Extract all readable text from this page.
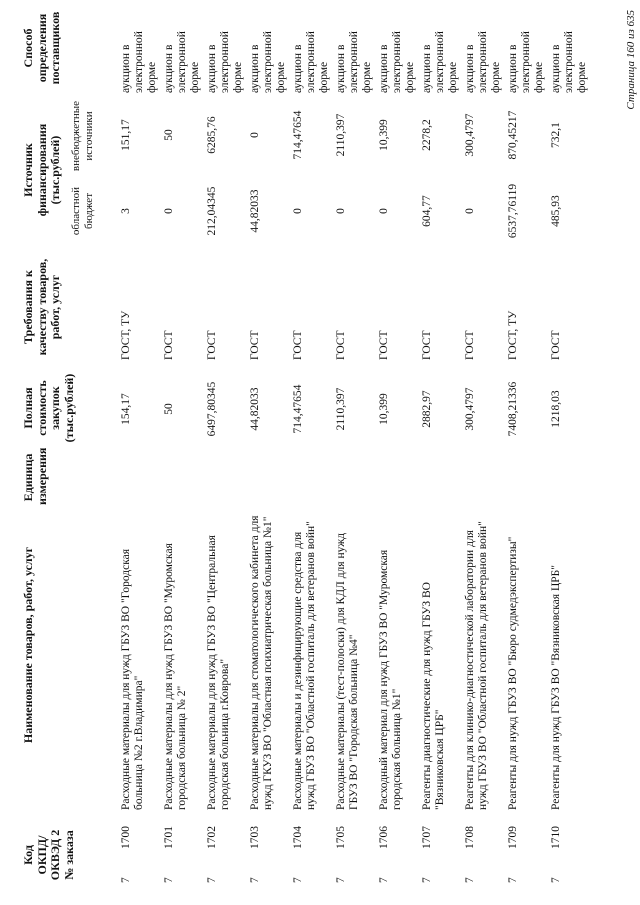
Код ОКПД/ ОКВЭД 2 № заказа
Наименование товаров, работ, услуг
Единица измерения
Полная стоимость закупок (тыс.рублей)
Требования к качеству товаров, работ, услуг
Источник финансирования (тыс.рублей)
областной бюджет
внебюджетные источники
Способ определения поставщиков
7
1700
Расходные материалы для нужд ГБУЗ ВО "Городская больница №2 г.Владимира"
154,17
ГОСТ, ТУ
3
151,17
аукцион в электронной форме
7
1701
Расходные материалы для нужд ГБУЗ ВО "Муромская городская больница № 2"
50
ГОСТ
0
50
аукцион в электронной форме
7
1702
Расходные материалы для нужд ГБУЗ ВО "Центральная городская больница г.Коврова"
6497,80345
ГОСТ
212,04345
6285,76
аукцион в электронной форме
7
1703
Расходные материалы для стоматологического кабинета для нужд ГКУЗ ВО "Областная психиатрическая больница №1"
44,82033
ГОСТ
44,82033
0
аукцион в электронной форме
7
1704
Расходные материалы и дезинфицирующие средства для нужд ГБУЗ ВО "Областной госпиталь для ветеранов войн"
714,47654
ГОСТ
0
714,47654
аукцион в электронной форме
7
1705
Расходные материалы (тест-полоски) для КДЛ для нужд ГБУЗ ВО "Городская больница №4"
2110,397
ГОСТ
0
2110,397
аукцион в электронной форме
7
1706
Расходный материал для нужд ГБУЗ ВО "Муромская городская больница №1"
10,399
ГОСТ
0
10,399
аукцион в электронной форме
7
1707
Реагенты диагностические для нужд ГБУЗ ВО "Вязниковская ЦРБ"
2882,97
ГОСТ
604,77
2278,2
аукцион в электронной форме
7
1708
Реагенты для клинико-диагностической лаборатории для нужд ГБУЗ ВО "Областной госпиталь для ветеранов войн"
300,4797
ГОСТ
0
300,4797
аукцион в электронной форме
7
1709
Реагенты для нужд ГБУЗ ВО "Бюро судмедэкспертизы"
7408,21336
ГОСТ, ТУ
6537,76119
870,45217
аукцион в электронной форме
7
1710
Реагенты для нужд ГБУЗ ВО "Вязниковская ЦРБ"
1218,03
ГОСТ
485,93
732,1
аукцион в электронной форме	Страница 160 из 635
